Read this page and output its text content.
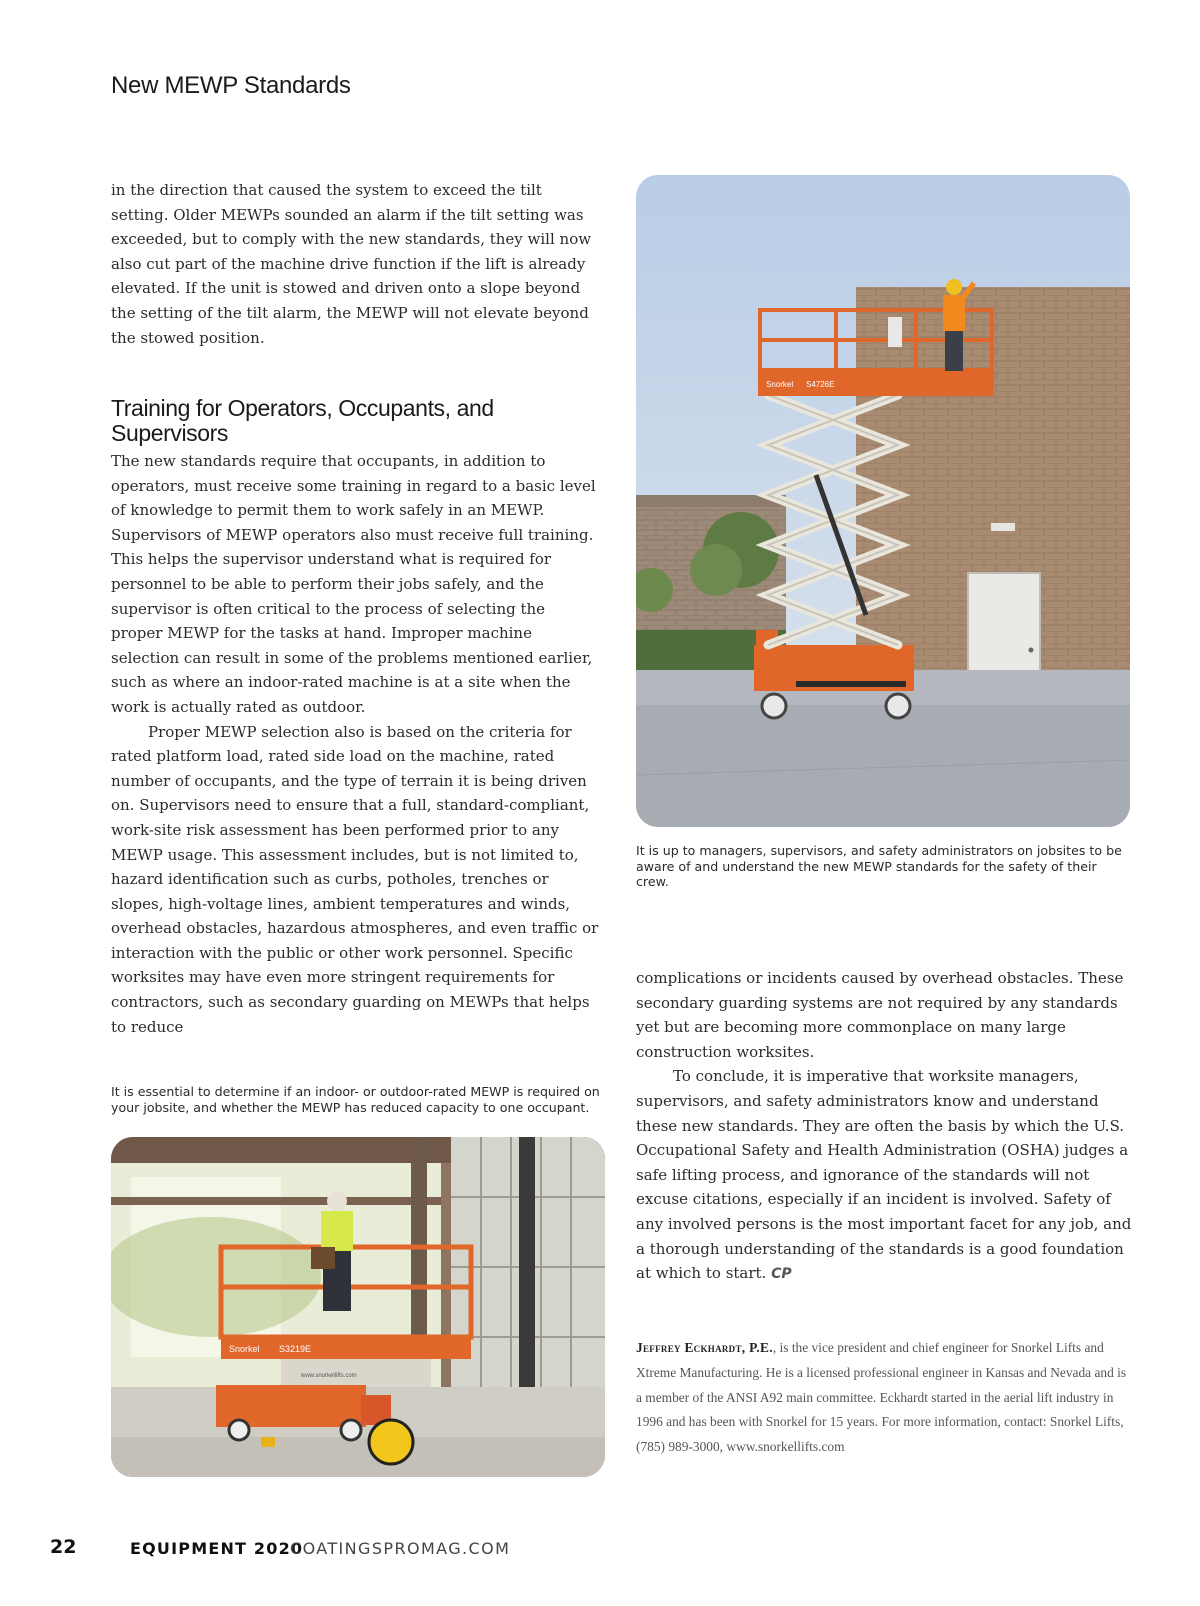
New MEWP Standards

in the direction that caused the system to exceed the tilt setting. Older MEWPs sounded an alarm if the tilt setting was exceeded, but to comply with the new standards, they will now also cut part of the machine drive function if the lift is already elevated. If the unit is stowed and driven onto a slope beyond the setting of the tilt alarm, the MEWP will not elevate beyond the stowed position.

Training for Operators, Occupants, and Supervisors

The new standards require that occupants, in addition to operators, must receive some training in regard to a basic level of knowledge to permit them to work safely in an MEWP. Supervisors of MEWP operators also must receive full training. This helps the supervisor understand what is required for personnel to be able to perform their jobs safely, and the supervisor is often critical to the process of selecting the proper MEWP for the tasks at hand. Improper machine selection can result in some of the problems mentioned earlier, such as where an indoor-rated machine is at a site when the work is actually rated as outdoor.

Proper MEWP selection also is based on the criteria for rated platform load, rated side load on the machine, rated number of occupants, and the type of terrain it is being driven on. Supervisors need to ensure that a full, standard-compliant, work-site risk assessment has been performed prior to any MEWP usage. This assessment includes, but is not limited to, hazard identification such as curbs, potholes, trenches or slopes, high-voltage lines, ambient temperatures and winds, overhead obstacles, hazardous atmospheres, and even traffic or interaction with the public or other work personnel. Specific worksites may have even more stringent requirements for contractors, such as secondary guarding on MEWPs that helps to reduce

Snorkel S4726E
It is up to managers, supervisors, and safety administrators on jobsites to be aware of and understand the new MEWP standards for the safety of their crew.

complications or incidents caused by overhead obstacles. These secondary guarding systems are not required by any standards yet but are becoming more commonplace on many large construction worksites.

To conclude, it is imperative that worksite managers, supervisors, and safety administrators know and understand these new standards. They are often the basis by which the U.S. Occupational Safety and Health Administration (OSHA) judges a safe lifting process, and ignorance of the standards will not excuse citations, especially if an incident is involved. Safety of any involved persons is the most important facet for any job, and a thorough understanding of the standards is a good foundation at which to start. CP

It is essential to determine if an indoor- or outdoor-rated MEWP is required on your jobsite, and whether the MEWP has reduced capacity to one occupant.
Snorkel S3219E
www.snorkellifts.com
Jeffrey Eckhardt, P.E., is the vice president and chief engineer for Snorkel Lifts and Xtreme Manufacturing. He is a licensed professional engineer in Kansas and Nevada and is a member of the ANSI A92 main committee. Eckhardt started in the aerial lift industry in 1996 and has been with Snorkel for 15 years. For more information, contact: Snorkel Lifts, (785) 989-3000, www.snorkellifts.com
22	EQUIPMENT 2020
COATINGSPROMAG.COM
